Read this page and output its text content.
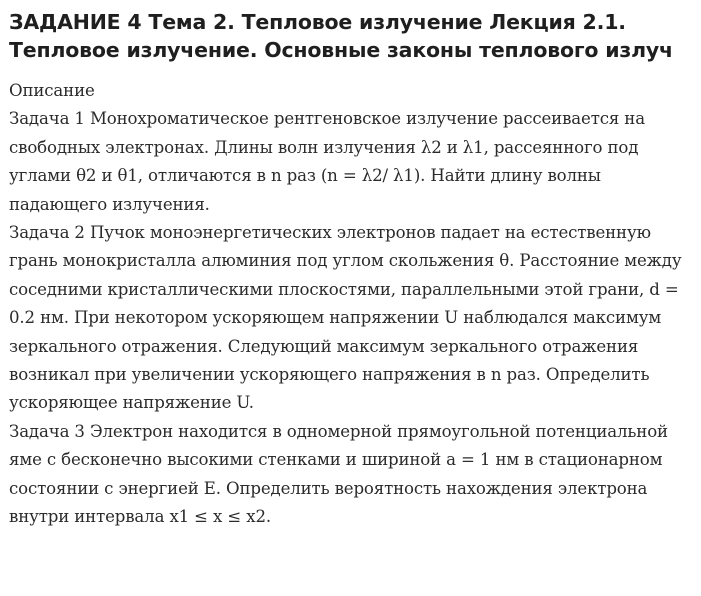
ЗАДАНИЕ 4 Тема 2. Тепловое излучение Лекция 2.1. Тепловое излучение. Основные законы теплового излуч
Описание
Задача 1 Монохроматическое рентгеновское излучение рассеивается на свободных электронах. Длины волн излучения λ2 и λ1, рассеянного под углами θ2 и θ1, отличаются в n раз (n = λ2/ λ1). Найти длину волны падающего излучения.
Задача 2 Пучок моноэнергетических электронов падает на естественную грань монокристалла алюминия под углом скольжения θ. Расстояние между соседними кристаллическими плоскостями, параллельными этой грани, d = 0.2 нм. При некотором ускоряющем напряжении U наблюдался максимум зеркального отражения. Следующий максимум зеркального отражения возникал при увеличении ускоряющего напряжения в n раз. Определить ускоряющее напряжение U.
Задача 3 Электрон находится в одномерной прямоугольной потенциальной яме с бесконечно высокими стенками и шириной a = 1 нм в стационарном состоянии с энергией E. Определить вероятность нахождения электрона внутри интервала x1 ≤ x ≤ x2.
